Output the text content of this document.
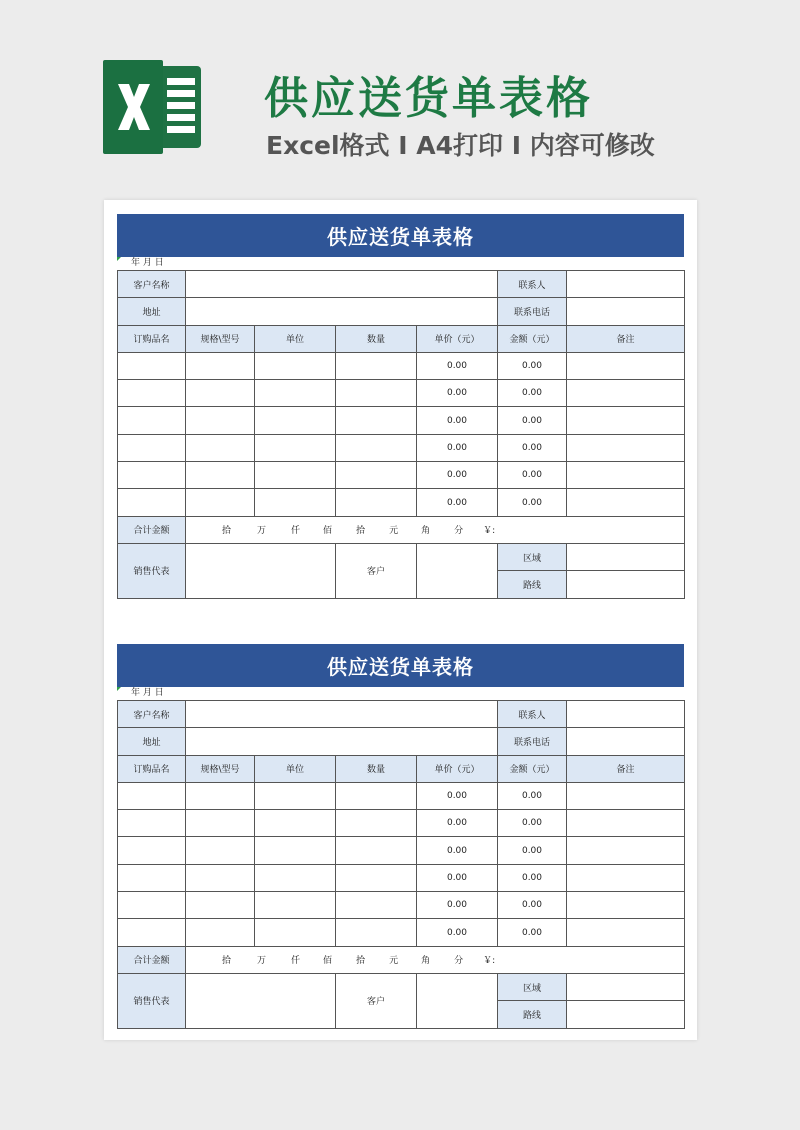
供应送货单表格
Excel格式 I A4打印 I 内容可修改
供应送货单表格
年 月 日
客户名称					联系人	
地址					联系电话	
订购品名	规格\型号	单位	数量	单价（元）	金额（元）	备注
				0.00	0.00	
				0.00	0.00	
				0.00	0.00	
				0.00	0.00	
				0.00	0.00	
				0.00	0.00	
合计金额	拾 万 仟 佰 拾 元 角 分 ￥:					
销售代表			客户		区域	
					路线	
供应送货单表格
年 月 日
客户名称					联系人	
地址					联系电话	
订购品名	规格\型号	单位	数量	单价（元）	金额（元）	备注
				0.00	0.00	
				0.00	0.00	
				0.00	0.00	
				0.00	0.00	
				0.00	0.00	
				0.00	0.00	
合计金额	拾 万 仟 佰 拾 元 角 分 ￥:					
销售代表			客户		区域	
					路线	
